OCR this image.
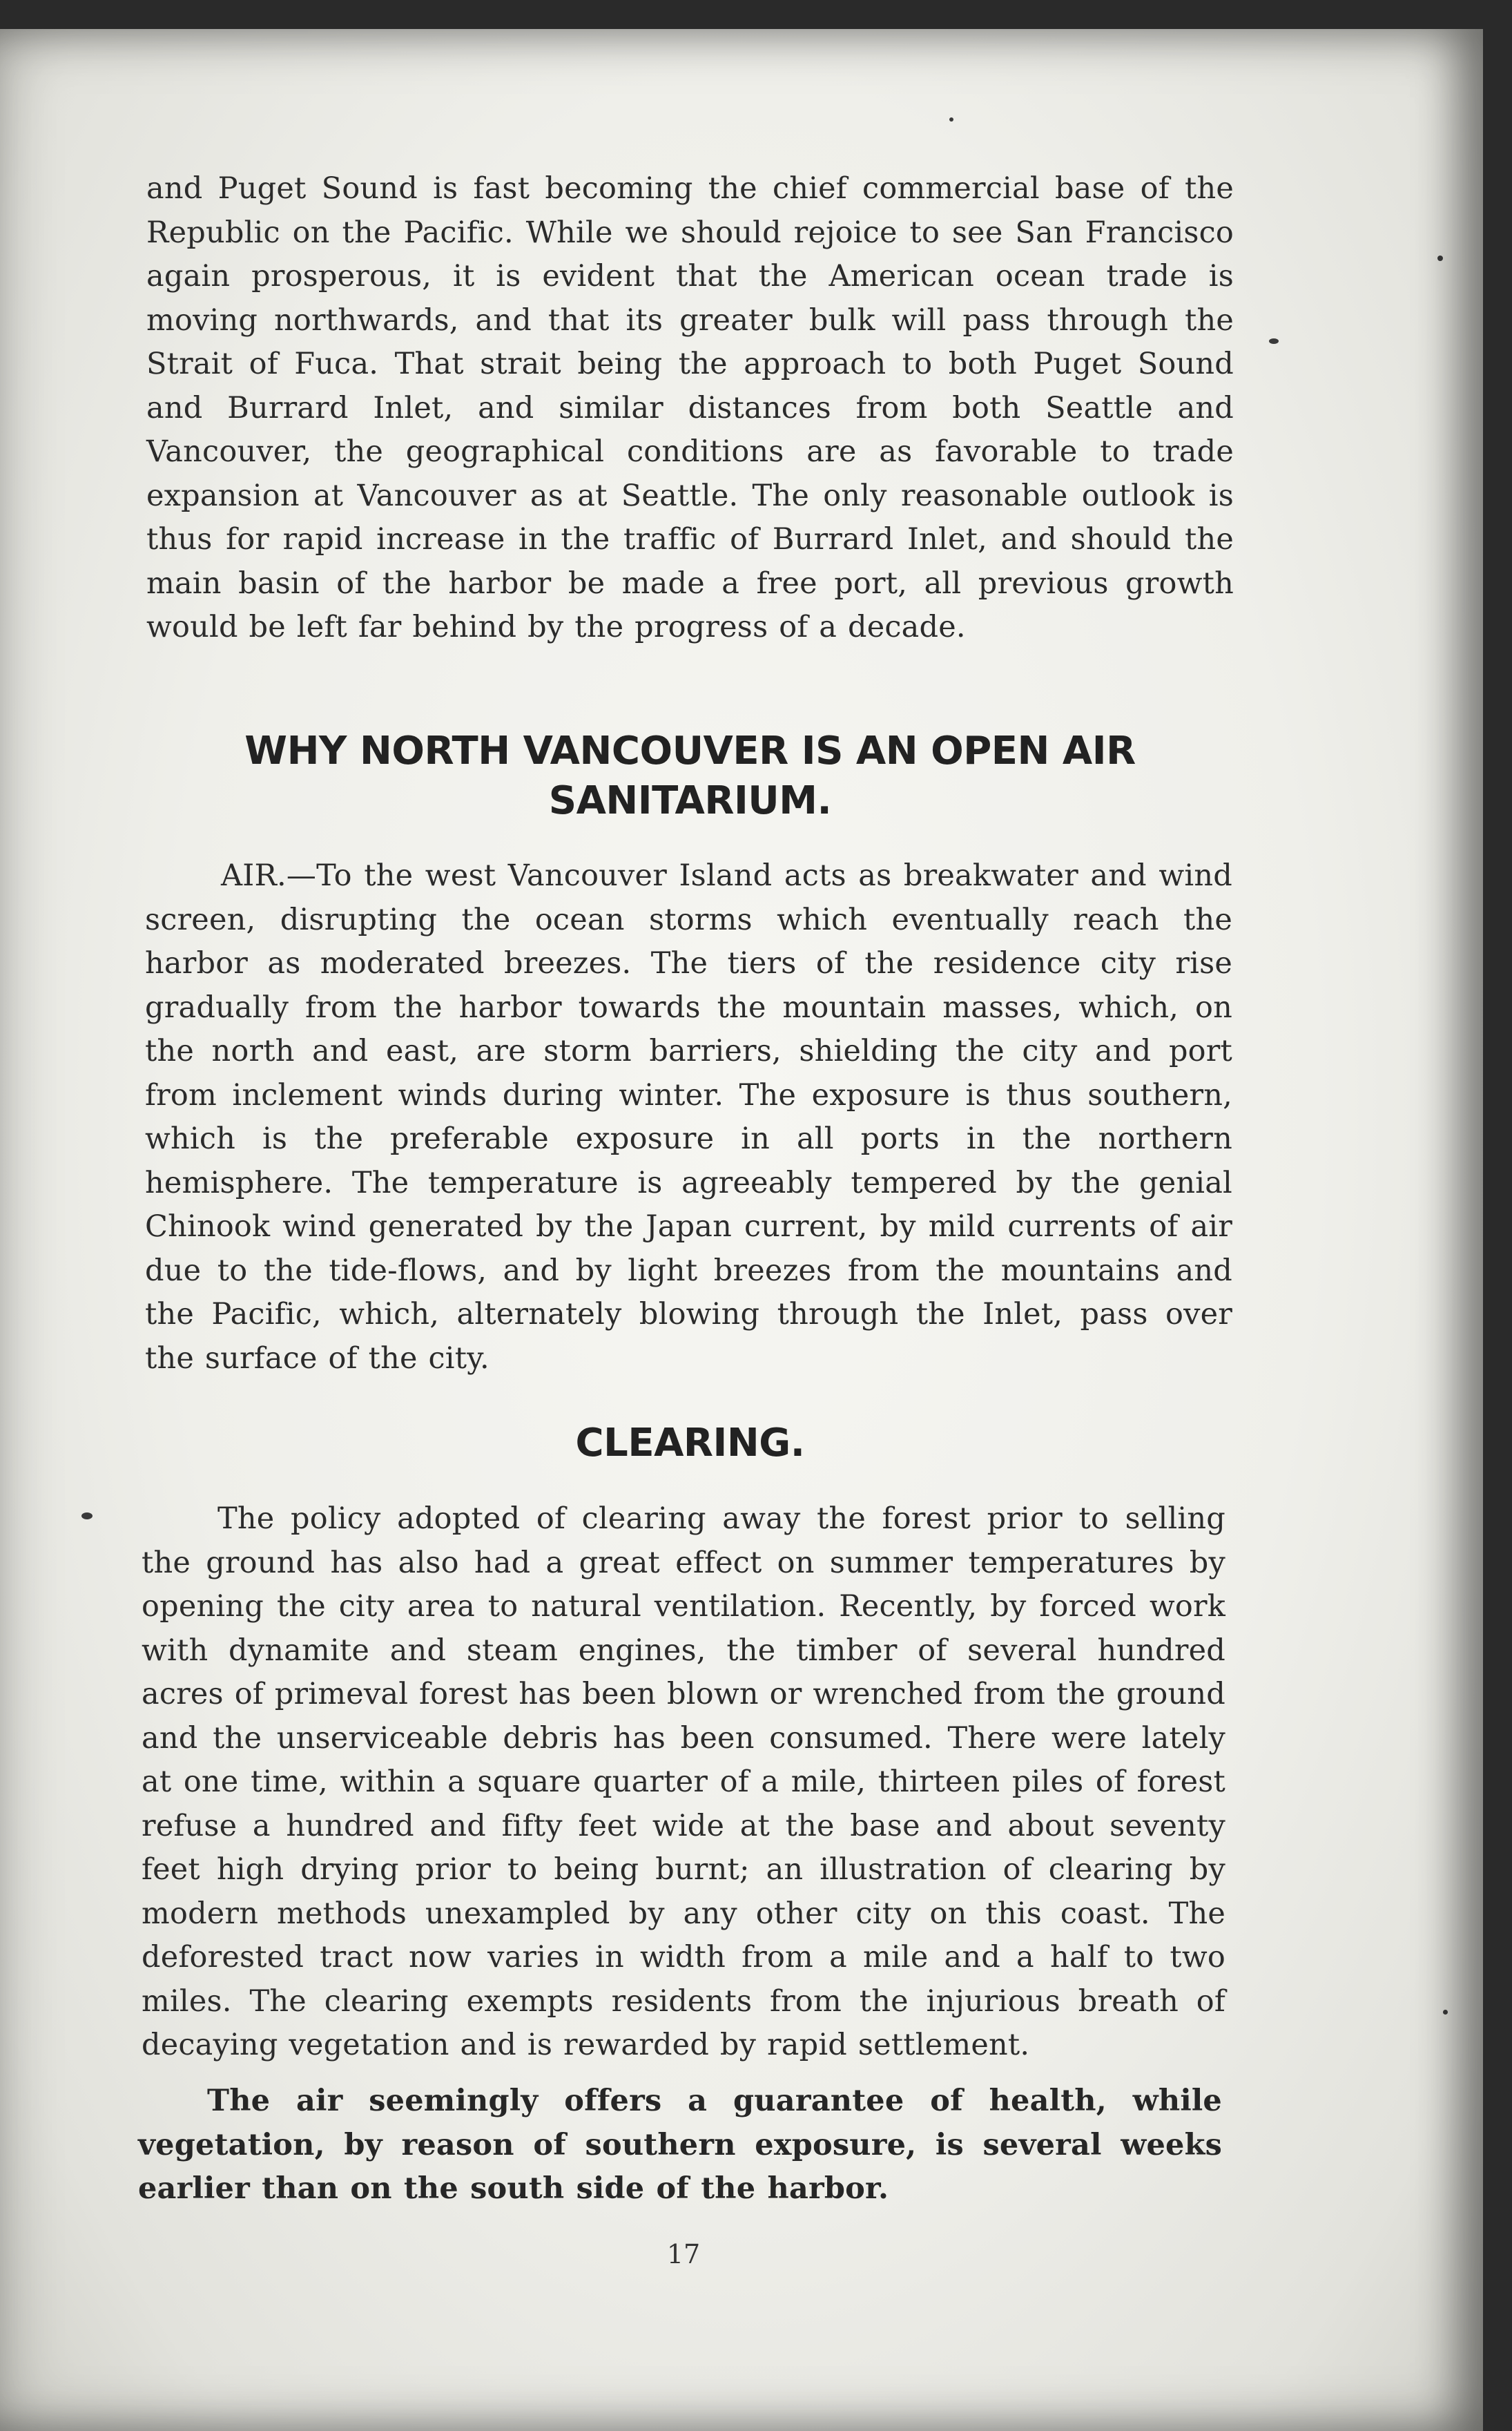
and Puget Sound is fast becoming the chief commercial base of the Republic on the Pacific. While we should rejoice to see San Francisco again prosperous, it is evident that the American ocean trade is moving northwards, and that its greater bulk will pass through the Strait of Fuca. That strait being the approach to both Puget Sound and Burrard Inlet, and similar distances from both Seattle and Vancouver, the geographical conditions are as favorable to trade expansion at Vancouver as at Seattle. The only reasonable outlook is thus for rapid increase in the traffic of Burrard Inlet, and should the main basin of the harbor be made a free port, all previous growth would be left far behind by the progress of a decade.

WHY NORTH VANCOUVER IS AN OPEN AIR SANITARIUM.

AIR.—To the west Vancouver Island acts as breakwater and wind screen, disrupting the ocean storms which eventually reach the harbor as moderated breezes. The tiers of the residence city rise gradually from the harbor towards the mountain masses, which, on the north and east, are storm barriers, shielding the city and port from inclement winds during winter. The exposure is thus southern, which is the preferable exposure in all ports in the northern hemisphere. The temperature is agreeably tempered by the genial Chinook wind generated by the Japan current, by mild currents of air due to the tide-flows, and by light breezes from the mountains and the Pacific, which, alternately blowing through the Inlet, pass over the surface of the city.

CLEARING.

The policy adopted of clearing away the forest prior to selling the ground has also had a great effect on summer temperatures by opening the city area to natural ventilation. Recently, by forced work with dynamite and steam engines, the timber of several hundred acres of primeval forest has been blown or wrenched from the ground and the unserviceable debris has been consumed. There were lately at one time, within a square quarter of a mile, thirteen piles of forest refuse a hundred and fifty feet wide at the base and about seventy feet high drying prior to being burnt; an illustration of clearing by modern methods unexampled by any other city on this coast. The deforested tract now varies in width from a mile and a half to two miles. The clearing exempts residents from the injurious breath of decaying vegetation and is rewarded by rapid settlement.

The air seemingly offers a guarantee of health, while vegetation, by reason of southern exposure, is several weeks earlier than on the south side of the harbor.

17
